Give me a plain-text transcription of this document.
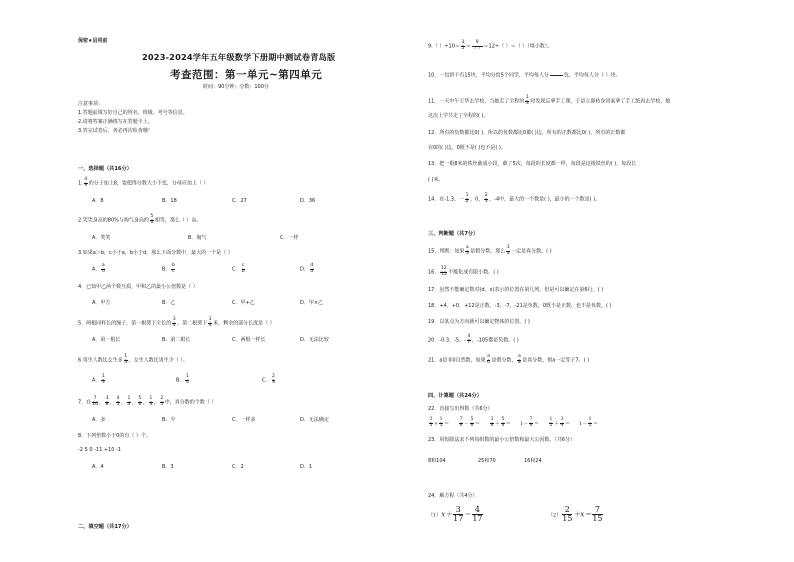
保密★启用前
2023-2024学年五年级数学下册期中测试卷青岛版
考查范围：第一单元~第四单元
时间：90分钟；分数：100分
注意事项：
1.答题前填写好自己的姓名、班级、考号等信息。
2.请将答案正确填写在答题卡上。
3.答完试卷后，务必再次检查哦！
一、选择题（共16分）
1. $\frac{4}{9}$ 的分子加上8，要使得分数大小不变，分母应加上（ ）
A．8	B．18	C．27	D．36
2.笑笑身高的80%与淘气身高的 $\frac{5}{6}$ 相等，那么（ ）高。
A．笑笑	B．淘气	C．一样
3.如果a＞b，c小于a，b小于d，那么下面分数中，最大的一个是（ ）
A． $\frac{a}{d}$	B． $\frac{b}{c}$	C． $\frac{c}{b}$	D． $\frac{d}{a}$
4．已知甲乙两个数互质，甲和乙的最小公倍数是（ ）
A．甲方	B．乙	C．甲+乙	D．甲×乙
5．两根同样长的绳子，第一根剪下全长的 $\frac{3}{4}$ ，第二根剪下 $\frac{3}{4}$ 米，剩余的部分长度是（ ）
A．第一根长	B．第二根长	C．两根一样长	D．无法比较
6.男生人数比女生多 $\frac{1}{3}$ ，女生人数比男生少（ ）。
A． $\frac{1}{3}$	B． $\frac{1}{4}$	C． $\frac{2}{3}$
7．在 $\frac{7}{10}$ ， $\frac{3}{8}$ ， $\frac{4}{5}$ ， $\frac{1}{4}$ ， $\frac{5}{6}$ ， $\frac{1}{3}$ ， $\frac{2}{5}$ 中，真分数的个数（ ）
A．多	B．少	C．一样多	D．无法确定
8．下列倍数小于0的有（ ）个。
-2 5 0 -11 +10 -1
A．4	B．3	C．2	D．1
二、填空题（共17分）
9.（ ）$\div 10= \frac{3}{5} = \frac{9}{( )} =12\div$（ ）＝（ ）（填小数）。
10．一包饼干有15块，平均分给5个同学，平均每人分

	包，平均每人分（ ）块。
11．一天中午王华去学校，当她走了全程的 $\frac{1}{3}$ 时发现忘拿手工课，于是立即转身回家拿了手工纸再去学校，她
这次上学共走了全程的( )。
12．所有的负数都比0( )，所以的负数都比0都( )边，所有的正数都比0( )，所有的正数都
在0的( )边。0既不是( )也不是( )。
13．把一根8米的铁丝截成小段，截了5次，每段的长度都一样，每段是这根铁丝的( )，每段长
( )米。
14．在-1.3，－ $\frac{1}{2}$ ，0， $\frac{2}{3}$ ，-4中，最大的一个数是( )，最小的一个数是( )。
三、判断题（共7分）
15．判断：如果 $\frac{a}{3}$ 是假分数，那么 $\frac{3}{a}$ 一定是真分数。( )
16． $\frac{12}{15}$ 不能化成有限小数。( )
17．虽然不能确定数对(d，x)表示的位置在第几列，但是可以确定在第6行。( )
18．+4，+0，+12是正数，-3，-7，-21是负数，0既不是正数，也不是负数。( )
19．以某点为方向就可以确定物体的位置。( )
20．-0.3，-5，- $\frac{4}{7}$ ，-105都是负数。( )
21．a是非0自然数，如果 $\frac{a}{6}$ 是假分数， $\frac{a}{8}$ 是真分数，则a一定等于7。( )
四、计算题（共24分）
22．直接写出得数（共6分）
$\frac{3}{5} + \frac{1}{5} = \frac{7}{8} - \frac{5}{8} = \frac{3}{8} + \frac{5}{8} = 1- \frac{7}{8} = \frac{1}{2} + \frac{3}{4} = 1- \frac{1}{3}$ ＝
23．用短除法求下列每组数的最小公倍数和最大公因数。（共6分）
8和104	25和70	16和24
24．解方程（共4分）
$(1)x+ \frac{3}{17} = \frac{4}{17}$	$(2) \frac{2}{15} +x= \frac{7}{15}$
